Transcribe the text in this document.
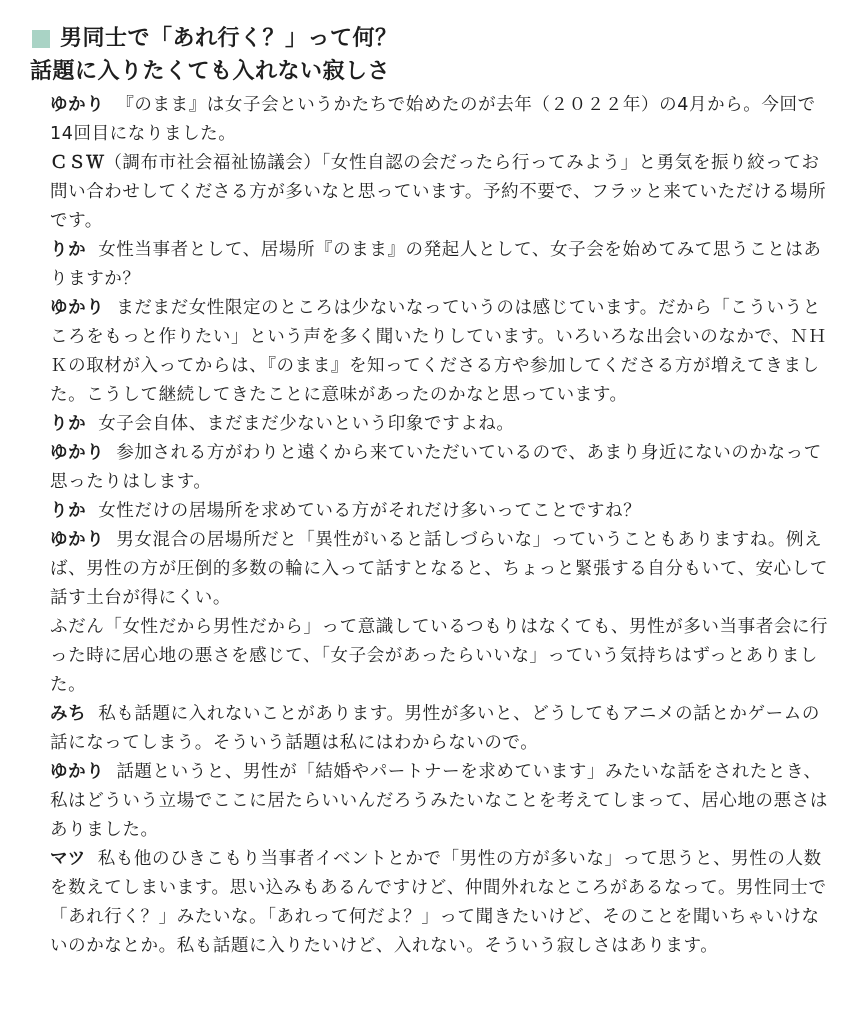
男同士で「あれ行く？」って何？
話題に入りたくても入れない寂しさ

ゆかり 『のまま』は女子会というかたちで始めたのが去年（２０２２年）の4月から。今回で14回目になりました。

ＣＳＷ（調布市社会福祉協議会）「女性自認の会だったら行ってみよう」と勇気を振り絞ってお問い合わせしてくださる方が多いなと思っています。予約不要で、フラッと来ていただける場所です。

りか 女性当事者として、居場所『のまま』の発起人として、女子会を始めてみて思うことはありますか？

ゆかり まだまだ女性限定のところは少ないなっていうのは感じています。だから「こういうところをもっと作りたい」という声を多く聞いたりしています。いろいろな出会いのなかで、ＮＨＫの取材が入ってからは、『のまま』を知ってくださる方や参加してくださる方が増えてきました。こうして継続してきたことに意味があったのかなと思っています。

りか 女子会自体、まだまだ少ないという印象ですよね。

ゆかり 参加される方がわりと遠くから来ていただいているので、あまり身近にないのかなって思ったりはします。

りか 女性だけの居場所を求めている方がそれだけ多いってことですね？

ゆかり 男女混合の居場所だと「異性がいると話しづらいな」っていうこともありますね。例えば、男性の方が圧倒的多数の輪に入って話すとなると、ちょっと緊張する自分もいて、安心して話す土台が得にくい。

ふだん「女性だから男性だから」って意識しているつもりはなくても、男性が多い当事者会に行った時に居心地の悪さを感じて、「女子会があったらいいな」っていう気持ちはずっとありました。

みち 私も話題に入れないことがあります。男性が多いと、どうしてもアニメの話とかゲームの話になってしまう。そういう話題は私にはわからないので。

ゆかり 話題というと、男性が「結婚やパートナーを求めています」みたいな話をされたとき、私はどういう立場でここに居たらいいんだろうみたいなことを考えてしまって、居心地の悪さはありました。

マツ 私も他のひきこもり当事者イベントとかで「男性の方が多いな」って思うと、男性の人数を数えてしまいます。思い込みもあるんですけど、仲間外れなところがあるなって。男性同士で「あれ行く？」みたいな。「あれって何だよ？」って聞きたいけど、そのことを聞いちゃいけないのかなとか。私も話題に入りたいけど、入れない。そういう寂しさはあります。
